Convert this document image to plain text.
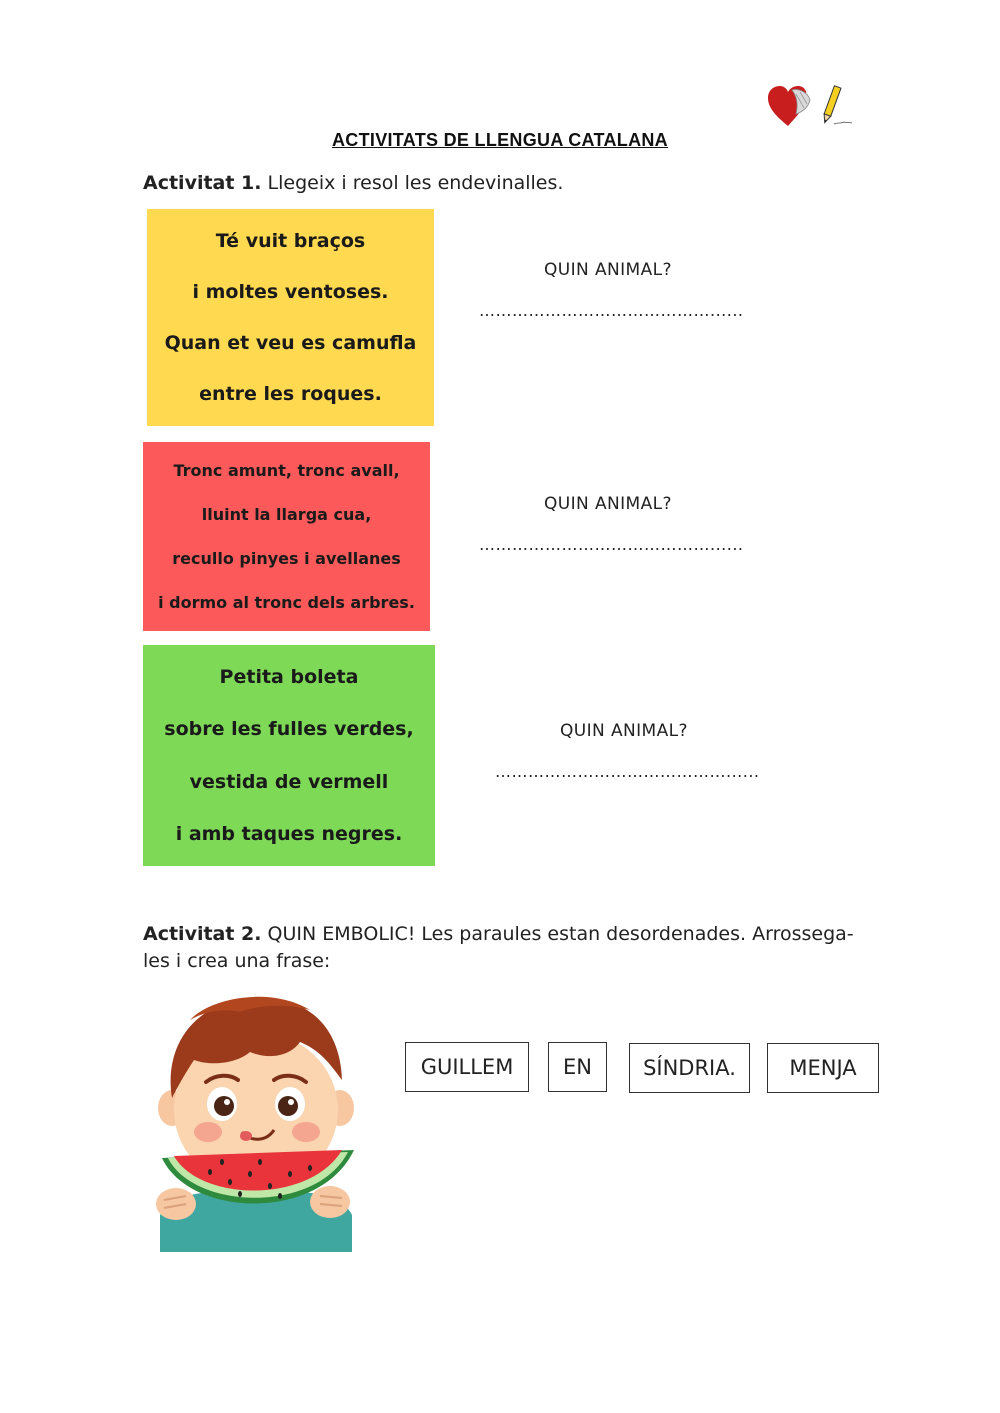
ACTIVITATS DE LLENGUA CATALANA
Activitat 1. Llegeix i resol les endevinalles.
Té vuit braços
i moltes ventoses.
Quan et veu es camufla
entre les roques.
QUIN ANIMAL?
……………………………………......
Tronc amunt, tronc avall,
lluint la llarga cua,
recullo pinyes i avellanes
i dormo al tronc dels arbres.
QUIN ANIMAL?
……………………………………......
Petita boleta
sobre les fulles verdes,
vestida de vermell
i amb taques negres.
QUIN ANIMAL?
……………………………………......
Activitat 2. QUIN EMBOLIC! Les paraules estan desordenades. Arrossega-les i crea una frase:
GUILLEM	EN	SÍNDRIA.	MENJA
